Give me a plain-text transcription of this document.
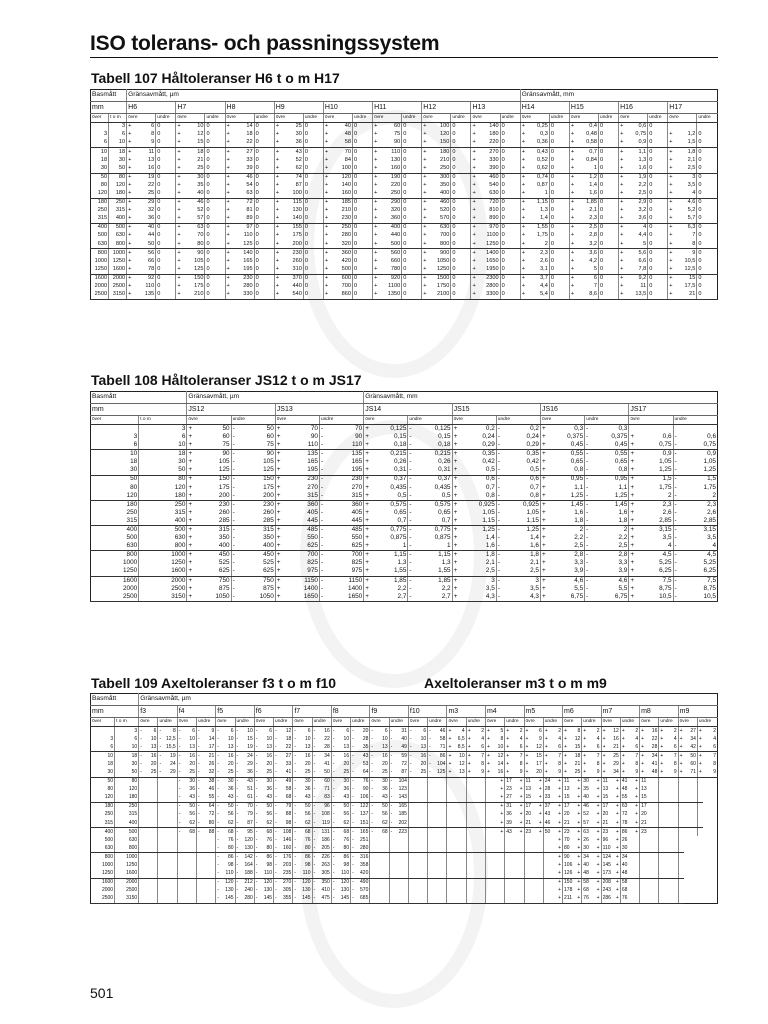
ISO tolerans- och passningssystem
Tabell 107 Håltoleranser H6 t o m H17
Basmått		Gränsavmått, µm																								Gränsavmått, mm											
mm		H6			H7			H8			H9			H10			H11			H12			H13			H14			H15			H16			H17		
över	t o m	övre		undre	övre		undre	övre		undre	övre		undre	övre		undre	övre		undre	övre		undre	övre		undre	övre		undre	övre		undre	övre		undre	övre		undre
	3	+	6	0	+	10	0	+	14	0	+	25	0	+	40	0	+	60	0	+	100	0	+	140	0	+	0,25	0	+	0,4	0	+	0,6	0			
3	6	+	8	0	+	12	0	+	18	0	+	30	0	+	48	0	+	75	0	+	120	0	+	180	0	+	0,3	0	+	0,48	0	+	0,75	0	+	1,2	0
6	10	+	9	0	+	15	0	+	22	0	+	36	0	+	58	0	+	90	0	+	150	0	+	220	0	+	0,36	0	+	0,58	0	+	0,9	0	+	1,5	0
10	18	+	11	0	+	18	0	+	27	0	+	43	0	+	70	0	+	110	0	+	180	0	+	270	0	+	0,43	0	+	0,7	0	+	1,1	0	+	1,8	0
18	30	+	13	0	+	21	0	+	33	0	+	52	0	+	84	0	+	130	0	+	210	0	+	330	0	+	0,52	0	+	0,84	0	+	1,3	0	+	2,1	0
30	50	+	16	0	+	25	0	+	39	0	+	62	0	+	100	0	+	160	0	+	250	0	+	390	0	+	0,62	0	+	1	0	+	1,6	0	+	2,5	0
50	80	+	19	0	+	30	0	+	46	0	+	74	0	+	120	0	+	190	0	+	300	0	+	460	0	+	0,74	0	+	1,2	0	+	1,9	0	+	3	0
80	120	+	22	0	+	35	0	+	54	0	+	87	0	+	140	0	+	220	0	+	350	0	+	540	0	+	0,87	0	+	1,4	0	+	2,2	0	+	3,5	0
120	180	+	25	0	+	40	0	+	63	0	+	100	0	+	160	0	+	250	0	+	400	0	+	630	0	+	1	0	+	1,6	0	+	2,5	0	+	4	0
180	250	+	29	0	+	46	0	+	72	0	+	115	0	+	185	0	+	290	0	+	460	0	+	720	0	+	1,15	0	+	1,85	0	+	2,9	0	+	4,6	0
250	315	+	32	0	+	52	0	+	81	0	+	130	0	+	210	0	+	320	0	+	520	0	+	810	0	+	1,3	0	+	2,1	0	+	3,2	0	+	5,2	0
315	400	+	36	0	+	57	0	+	89	0	+	140	0	+	230	0	+	360	0	+	570	0	+	890	0	+	1,4	0	+	2,3	0	+	3,6	0	+	5,7	0
400	500	+	40	0	+	63	0	+	97	0	+	155	0	+	250	0	+	400	0	+	630	0	+	970	0	+	1,55	0	+	2,5	0	+	4	0	+	6,3	0
500	630	+	44	0	+	70	0	+	110	0	+	175	0	+	280	0	+	440	0	+	700	0	+	1100	0	+	1,75	0	+	2,8	0	+	4,4	0	+	7	0
630	800	+	50	0	+	80	0	+	125	0	+	200	0	+	320	0	+	500	0	+	800	0	+	1250	0	+	2	0	+	3,2	0	+	5	0	+	8	0
800	1000	+	56	0	+	90	0	+	140	0	+	230	0	+	360	0	+	560	0	+	900	0	+	1400	0	+	2,3	0	+	3,6	0	+	5,6	0	+	9	0
1000	1250	+	66	0	+	105	0	+	165	0	+	260	0	+	420	0	+	660	0	+	1050	0	+	1650	0	+	2,6	0	+	4,2	0	+	6,6	0	+	10,5	0
1250	1600	+	78	0	+	125	0	+	195	0	+	310	0	+	500	0	+	780	0	+	1250	0	+	1950	0	+	3,1	0	+	5	0	+	7,8	0	+	12,5	0
1600	2000	+	92	0	+	150	0	+	230	0	+	370	0	+	600	0	+	920	0	+	1500	0	+	2300	0	+	3,7	0	+	6	0	+	9,2	0	+	15	0
2000	2500	+	110	0	+	175	0	+	280	0	+	440	0	+	700	0	+	1100	0	+	1750	0	+	2800	0	+	4,4	0	+	7	0	+	11	0	+	17,5	0
2500	3150	+	135	0	+	210	0	+	330	0	+	540	0	+	860	0	+	1350	0	+	2100	0	+	3300	0	+	5,4	0	+	8,6	0	+	13,5	0	+	21	0
Tabell 108 Håltoleranser JS12 t o m JS17
Basmått		Gränsavmått, µm								Gränsavmått, mm															
mm		JS12				JS13				JS14				JS15				JS16				JS17			
över	t o m	övre		undre		övre		undre		övre		undre		övre		undre		övre		undre		övre		undre	
	3	+	50	-	50	+	70	-	70	+	0,125	-	0,125	+	0,2	-	0,2	+	0,3	-	0,3				
3	6	+	60	-	60	+	90	-	90	+	0,15	-	0,15	+	0,24	-	0,24	+	0,375	-	0,375	+	0,6	-	0,6
6	10	+	75	-	75	+	110	-	110	+	0,18	-	0,18	+	0,29	-	0,29	+	0,45	-	0,45	+	0,75	-	0,75
10	18	+	90	-	90	+	135	-	135	+	0,215	-	0,215	+	0,35	-	0,35	+	0,55	-	0,55	+	0,9	-	0,9
18	30	+	105	-	105	+	165	-	165	+	0,26	-	0,26	+	0,42	-	0,42	+	0,65	-	0,65	+	1,05	-	1,05
30	50	+	125	-	125	+	195	-	195	+	0,31	-	0,31	+	0,5	-	0,5	+	0,8	-	0,8	+	1,25	-	1,25
50	80	+	150	-	150	+	230	-	230	+	0,37	-	0,37	+	0,6	-	0,6	+	0,95	-	0,95	+	1,5	-	1,5
80	120	+	175	-	175	+	270	-	270	+	0,435	-	0,435	+	0,7	-	0,7	+	1,1	-	1,1	+	1,75	-	1,75
120	180	+	200	-	200	+	315	-	315	+	0,5	-	0,5	+	0,8	-	0,8	+	1,25	-	1,25	+	2	-	2
180	250	+	230	-	230	+	360	-	360	+	0,575	-	0,575	+	0,925	-	0,925	+	1,45	-	1,45	+	2,3	-	2,3
250	315	+	260	-	260	+	405	-	405	+	0,65	-	0,65	+	1,05	-	1,05	+	1,6	-	1,6	+	2,6	-	2,6
315	400	+	285	-	285	+	445	-	445	+	0,7	-	0,7	+	1,15	-	1,15	+	1,8	-	1,8	+	2,85	-	2,85
400	500	+	315	-	315	+	485	-	485	+	0,775	-	0,775	+	1,25	-	1,25	+	2	-	2	+	3,15	-	3,15
500	630	+	350	-	350	+	550	-	550	+	0,875	-	0,875	+	1,4	-	1,4	+	2,2	-	2,2	+	3,5	-	3,5
630	800	+	400	-	400	+	625	-	625	+	1	-	1	+	1,6	-	1,6	+	2,5	-	2,5	+	4	-	4
800	1000	+	450	-	450	+	700	-	700	+	1,15	-	1,15	+	1,8	-	1,8	+	2,8	-	2,8	+	4,5	-	4,5
1000	1250	+	525	-	525	+	825	-	825	+	1,3	-	1,3	+	2,1	-	2,1	+	3,3	-	3,3	+	5,25	-	5,25
1250	1600	+	625	-	625	+	975	-	975	+	1,55	-	1,55	+	2,5	-	2,5	+	3,9	-	3,9	+	6,25	-	6,25
1600	2000	+	750	-	750	+	1150	-	1150	+	1,85	-	1,85	+	3	-	3	+	4,6	-	4,6	+	7,5	-	7,5
2000	2500	+	875	-	875	+	1400	-	1400	+	2,2	-	2,2	+	3,5	-	3,5	+	5,5	-	5,5	+	8,75	-	8,75
2500	3150	+	1050	-	1050	+	1650	-	1650	+	2,7	-	2,7	+	4,3	-	4,3	+	6,75	-	6,75	+	10,5	-	10,5
Tabell 109 Axeltoleranser f3 t o m f10	Axeltoleranser m3 t o m m9
Basmått		Gränsavmått, µm																																																											
mm		f3				f4				f5				f6				f7				f8				f9				f10				m3				m4				m5				m6				m7				m8				m9			
över	t o m	övre		undre		övre		undre		övre		undre		övre		undre		övre		undre		övre		undre		övre		undre		övre		undre		övre		undre		övre		undre		övre		undre		övre		undre		övre		undre		övre		undre		övre		undre	
	3	-	6	-	8	-	6	-	9	-	6	-	10	-	6	-	12	-	6	-	16	-	6	-	20	-	6	-	31	-	6	-	46	+	4	+	2	+	5	+	2	+	6	+	2	+	8	+	2	+	12	+	2	+	16	+	2	+	27	+	2
3	6	-	10	-	12,5	-	10	-	14	-	10	-	15	-	10	-	18	-	10	-	22	-	10	-	28	-	10	-	40	-	10	-	58	+	6,5	+	4	+	8	+	4	+	9	+	4	+	12	+	4	+	16	+	4	+	22	+	4	+	34	+	4
6	10	-	13	-	15,5	-	13	-	17	-	13	-	19	-	13	-	22	-	13	-	28	-	13	-	35	-	13	-	49	-	13	-	71	+	8,5	+	6	+	10	+	6	+	12	+	6	+	15	+	6	+	21	+	6	+	28	+	6	+	42	+	6
10	18	-	16	-	19	-	16	-	21	-	16	-	24	-	16	-	27	-	16	-	34	-	16	-	43	-	16	-	59	-	16	-	86	+	10	+	7	+	12	+	7	+	15	+	7	+	18	+	7	+	25	+	7	+	34	+	7	+	50	+	7
18	30	-	20	-	24	-	20	-	26	-	20	-	29	-	20	-	33	-	20	-	41	-	20	-	53	-	20	-	72	-	20	-	104	+	12	+	8	+	14	+	8	+	17	+	8	+	21	+	8	+	29	+	8	+	41	+	8	+	60	+	8
30	50	-	25	-	29	-	25	-	32	-	25	-	36	-	25	-	41	-	25	-	50	-	25	-	64	-	25	-	87	-	25	-	125	+	13	+	9	+	16	+	9	+	20	+	9	+	25	+	9	+	34	+	9	+	48	+	9	+	71	+	9
50	80					-	30	-	38	-	30	-	43	-	30	-	49	-	30	-	60	-	30	-	76	-	30	-	104										+	17	+	11	+	24	+	11	+	30	+	11	+	41	+	11							
80	120					-	36	-	46	-	36	-	51	-	36	-	58	-	36	-	71	-	36	-	90	-	36	-	123										+	23	+	13	+	28	+	13	+	35	+	13	+	48	+	13							
120	180					-	43	-	55	-	43	-	61	-	43	-	68	-	43	-	83	-	43	-	106	-	43	-	143										+	27	+	15	+	33	+	15	+	40	+	15	+	55	+	15							
180	250					-	50	-	64	-	50	-	70	-	50	-	79	-	50	-	96	-	50	-	122	-	50	-	165										+	31	+	17	+	37	+	17	+	46	+	17	+	63	+	17							
250	315					-	56	-	72	-	56	-	79	-	56	-	88	-	56	-	108	-	56	-	137	-	56	-	185										+	36	+	20	+	43	+	20	+	52	+	20	+	72	+	20							
315	400					-	62	-	80	-	62	-	87	-	62	-	98	-	62	-	119	-	62	-	151	-	62	-	202										+	39	+	21	+	46	+	21	+	57	+	21	+	78	+	21							
400	500					-	68	-	88	-	68	-	95	-	68	-	108	-	68	-	131	-	68	-	165	-	68	-	223										+	43	+	23	+	50	+	23	+	63	+	23	+	86	+	23							
500	630									-	76	-	120	-	76	-	146	-	76	-	186	-	76	-	251																				+	70	+	26	+	96	+	26									
630	800									-	80	-	130	-	80	-	160	-	80	-	205	-	80	-	280																				+	80	+	30	+	110	+	30									
800	1000									-	86	-	142	-	86	-	176	-	86	-	226	-	86	-	316																				+	90	+	34	+	124	+	34									
1000	1250									-	98	-	164	-	98	-	203	-	98	-	263	-	98	-	358																				+	106	+	40	+	145	+	40									
1250	1600									-	110	-	188	-	110	-	235	-	110	-	305	-	110	-	420																				+	126	+	48	+	173	+	48									
1600	2000									-	120	-	212	-	120	-	270	-	120	-	350	-	120	-	490																				+	150	+	58	+	208	+	58									
2000	2500									-	130	-	240	-	130	-	305	-	130	-	410	-	130	-	570																				+	178	+	68	+	243	+	68									
2500	3150									-	145	-	280	-	145	-	355	-	145	-	475	-	145	-	685																				+	211	+	76	+	286	+	76									
501
